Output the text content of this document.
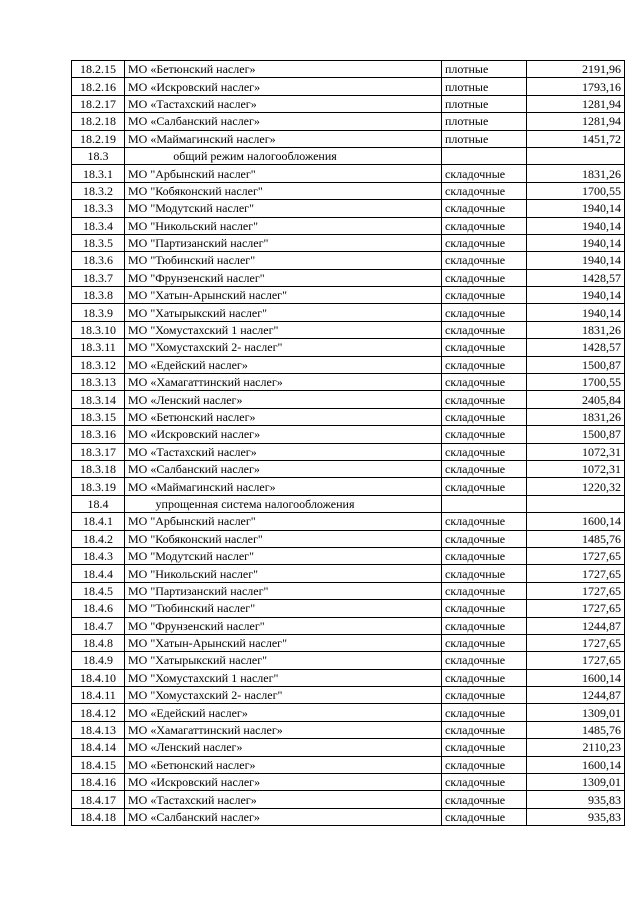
18.2.15	МО «Бетюнский наслег»	плотные	2191,96
18.2.16	МО «Искровский наслег»	плотные	1793,16
18.2.17	МО «Тастахский наслег»	плотные	1281,94
18.2.18	МО «Салбанский наслег»	плотные	1281,94
18.2.19	МО «Маймагинский наслег»	плотные	1451,72
18.3	общий режим налогообложения		
18.3.1	МО "Арбынский наслег"	складочные	1831,26
18.3.2	МО "Кобяконский наслег"	складочные	1700,55
18.3.3	МО "Модутский наслег"	складочные	1940,14
18.3.4	МО "Никольский наслег"	складочные	1940,14
18.3.5	МО "Партизанский наслег"	складочные	1940,14
18.3.6	МО "Тюбинский наслег"	складочные	1940,14
18.3.7	МО "Фрунзенский наслег"	складочные	1428,57
18.3.8	МО "Хатын-Арынский наслег"	складочные	1940,14
18.3.9	МО "Хатырыкский наслег"	складочные	1940,14
18.3.10	МО "Хомустахский 1 наслег"	складочные	1831,26
18.3.11	МО "Хомустахский 2- наслег"	складочные	1428,57
18.3.12	МО «Едейский наслег»	складочные	1500,87
18.3.13	МО «Хамагаттинский наслег»	складочные	1700,55
18.3.14	МО «Ленский наслег»	складочные	2405,84
18.3.15	МО «Бетюнский наслег»	складочные	1831,26
18.3.16	МО «Искровский наслег»	складочные	1500,87
18.3.17	МО «Тастахский наслег»	складочные	1072,31
18.3.18	МО «Салбанский наслег»	складочные	1072,31
18.3.19	МО «Маймагинский наслег»	складочные	1220,32
18.4	упрощенная система налогообложения		
18.4.1	МО "Арбынский наслег"	складочные	1600,14
18.4.2	МО "Кобяконский наслег"	складочные	1485,76
18.4.3	МО "Модутский наслег"	складочные	1727,65
18.4.4	МО "Никольский наслег"	складочные	1727,65
18.4.5	МО "Партизанский наслег"	складочные	1727,65
18.4.6	МО "Тюбинский наслег"	складочные	1727,65
18.4.7	МО "Фрунзенский наслег"	складочные	1244,87
18.4.8	МО "Хатын-Арынский наслег"	складочные	1727,65
18.4.9	МО "Хатырыкский наслег"	складочные	1727,65
18.4.10	МО "Хомустахский 1 наслег"	складочные	1600,14
18.4.11	МО "Хомустахский 2- наслег"	складочные	1244,87
18.4.12	МО «Едейский наслег»	складочные	1309,01
18.4.13	МО «Хамагаттинский наслег»	складочные	1485,76
18.4.14	МО «Ленский наслег»	складочные	2110,23
18.4.15	МО «Бетюнский наслег»	складочные	1600,14
18.4.16	МО «Искровский наслег»	складочные	1309,01
18.4.17	МО «Тастахский наслег»	складочные	935,83
18.4.18	МО «Салбанский наслег»	складочные	935,83
